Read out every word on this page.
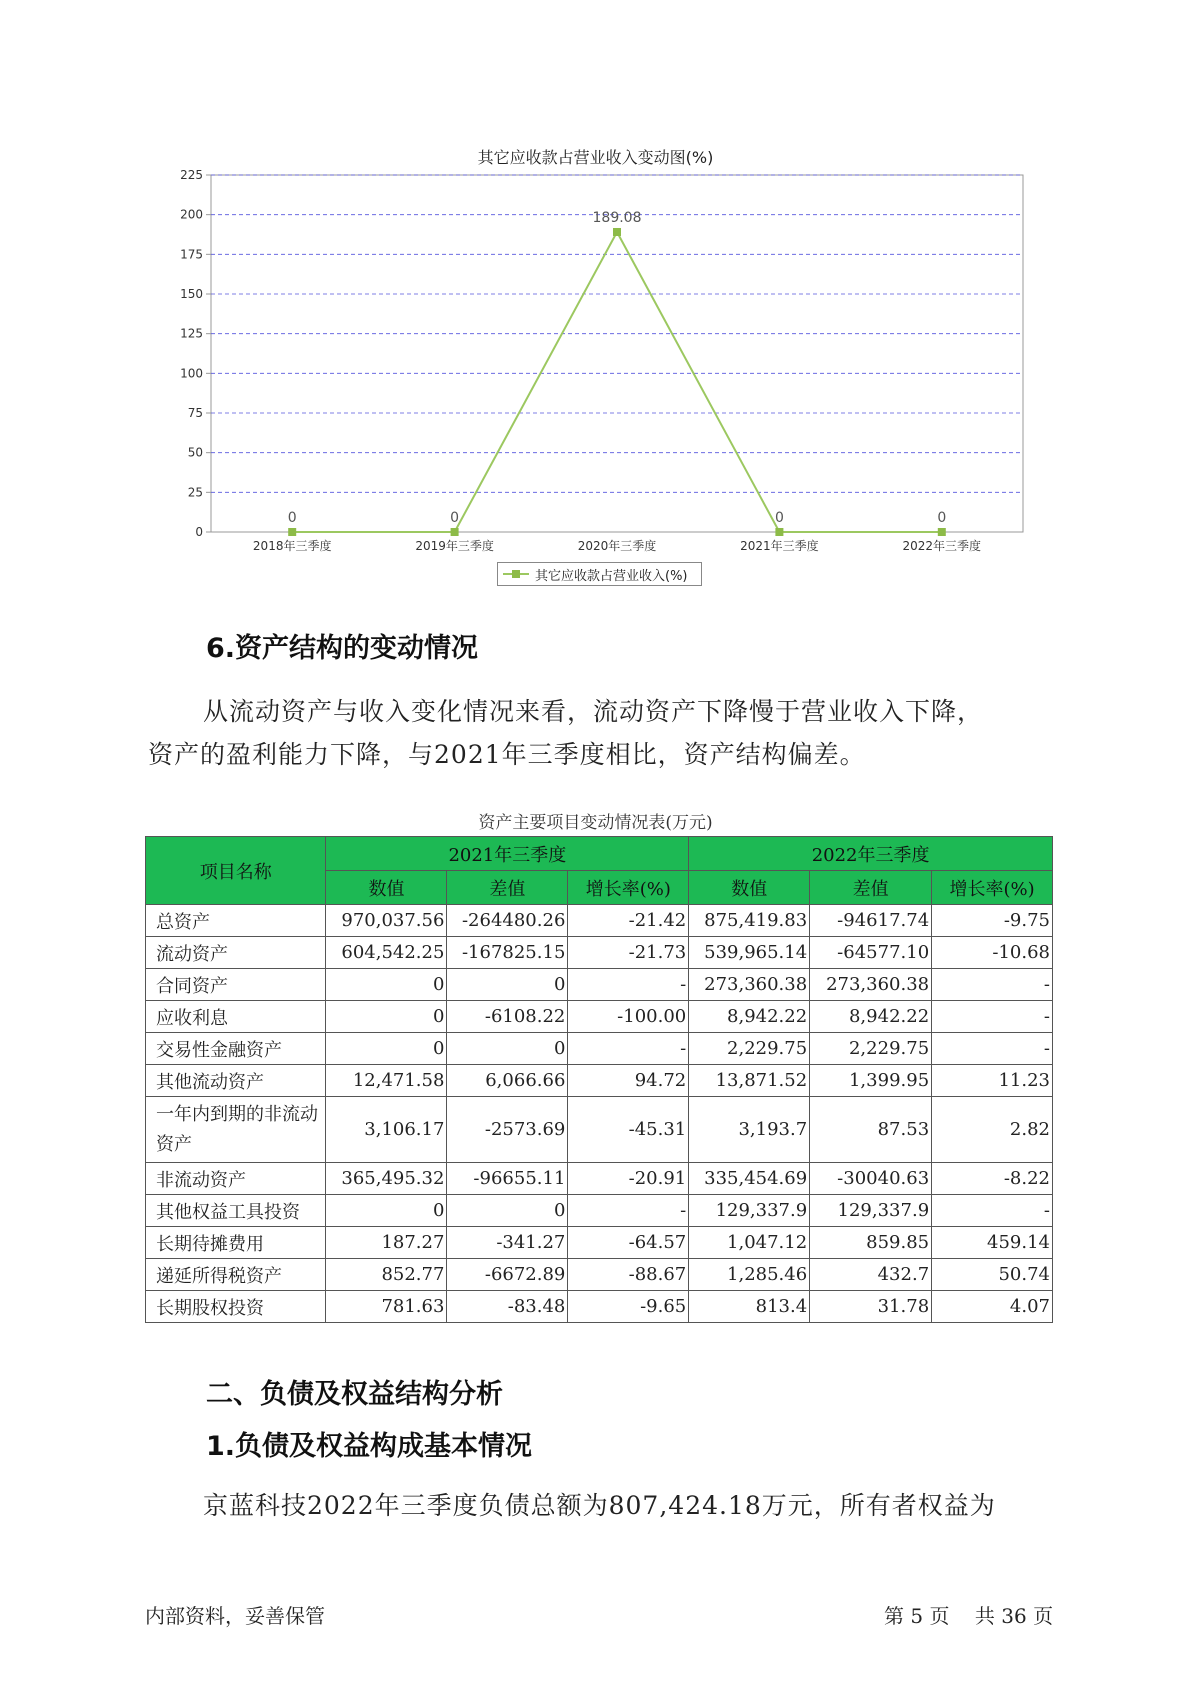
其它应收款占营业收入变动图(%)
225
200
175
150
125
100
75
50
25
0
2018年三季度	2019年三季度	2020年三季度	2021年三季度	2022年三季度
0	0
189.08
0	0
其它应收款占营业收入(%)
6.资产结构的变动情况

从流动资产与收入变化情况来看，流动资产下降慢于营业收入下降，

资产的盈利能力下降，与2021年三季度相比，资产结构偏差。

资产主要项目变动情况表(万元)
项目名称	2021年三季度			2022年三季度		
	数值	差值	增长率(%)	数值	差值	增长率(%)
总资产	970,037.56	-264480.26	-21.42	875,419.83	-94617.74	-9.75
流动资产	604,542.25	-167825.15	-21.73	539,965.14	-64577.10	-10.68
合同资产	0	0	-	273,360.38	273,360.38	-
应收利息	0	-6108.22	-100.00	8,942.22	8,942.22	-
交易性金融资产	0	0	-	2,229.75	2,229.75	-
其他流动资产	12,471.58	6,066.66	94.72	13,871.52	1,399.95	11.23
一年内到期的非流动资产	3,106.17	-2573.69	-45.31	3,193.7	87.53	2.82
非流动资产	365,495.32	-96655.11	-20.91	335,454.69	-30040.63	-8.22
其他权益工具投资	0	0	-	129,337.9	129,337.9	-
长期待摊费用	187.27	-341.27	-64.57	1,047.12	859.85	459.14
递延所得税资产	852.77	-6672.89	-88.67	1,285.46	432.7	50.74
长期股权投资	781.63	-83.48	-9.65	813.4	31.78	4.07
二、负债及权益结构分析
1.负债及权益构成基本情况

京蓝科技2022年三季度负债总额为807,424.18万元，所有者权益为

内部资料，妥善保管	第 5 页 共 36 页
